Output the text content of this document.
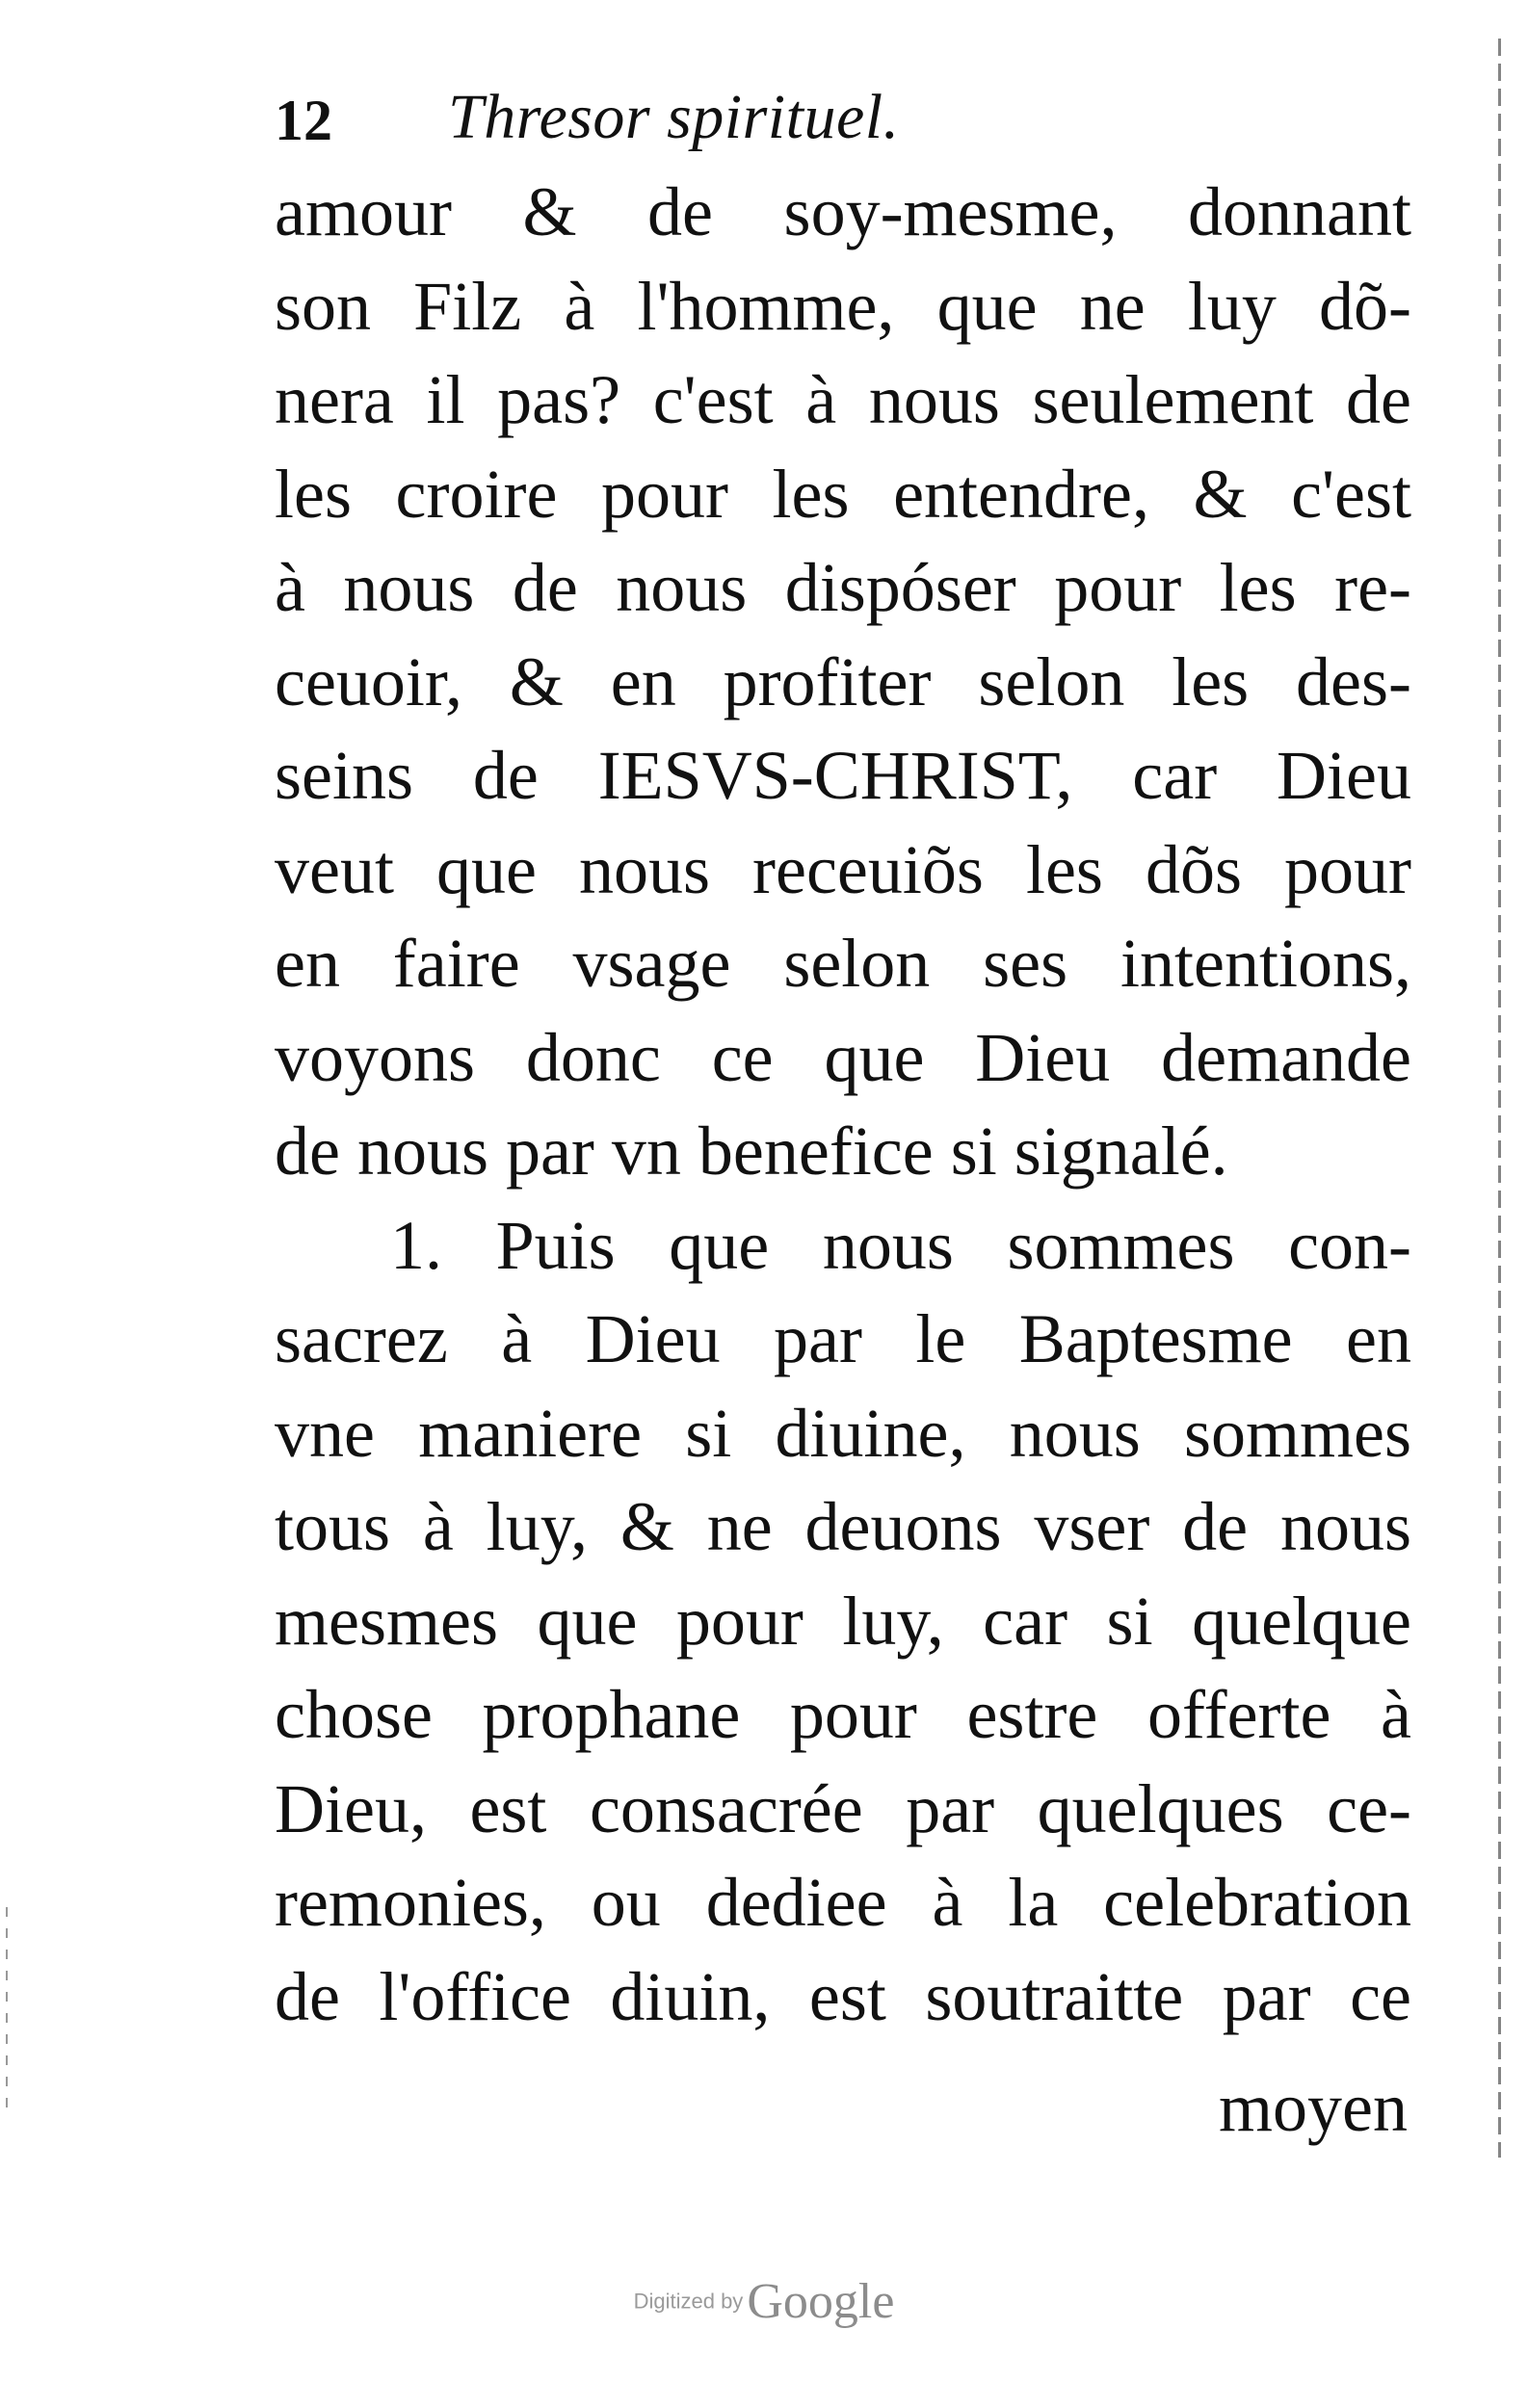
12	Thresor spirituel.
amour & de soy-mesme, donnant
son Filz à l'homme, que ne luy dõ-
nera il pas? c'est à nous seulement de
les croire pour les entendre, & c'est
à nous de nous dispóser pour les re-
ceuoir, & en profiter selon les des-
seins de IESVS-CHRIST, car Dieu
veut que nous receuiõs les dõs pour
en faire vsage selon ses intentions,
voyons donc ce que Dieu demande
de nous par vn benefice si signalé.
1. Puis que nous sommes con-
sacrez à Dieu par le Baptesme en
vne maniere si diuine, nous sommes
tous à luy, & ne deuons vser de nous
mesmes que pour luy, car si quelque
chose prophane pour estre offerte à
Dieu, est consacrée par quelques ce-
remonies, ou dediee à la celebration
de l'office diuin, est soutraitte par ce
moyen
Digitized by Google
